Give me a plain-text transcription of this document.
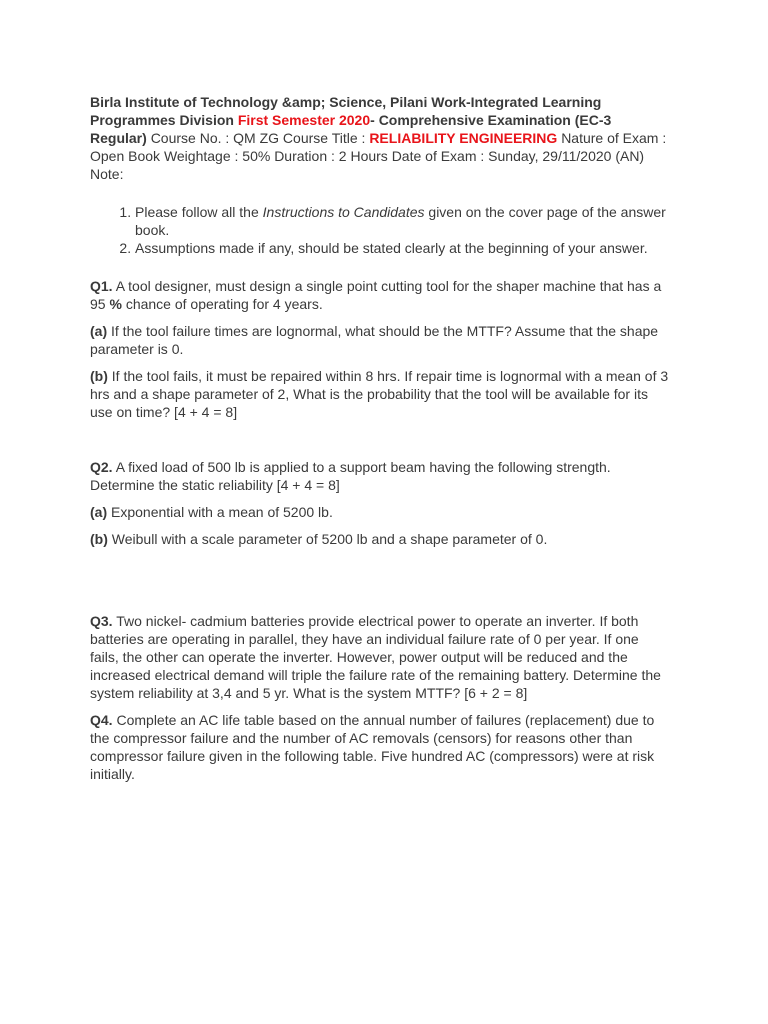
Birla Institute of Technology &amp; Science, Pilani Work-Integrated Learning Programmes Division First Semester 2020- Comprehensive Examination (EC-3 Regular) Course No. : QM ZG Course Title : RELIABILITY ENGINEERING Nature of Exam : Open Book Weightage : 50% Duration : 2 Hours Date of Exam : Sunday, 29/11/2020 (AN) Note:

1. Please follow all the Instructions to Candidates given on the cover page of the answer book.
2. Assumptions made if any, should be stated clearly at the beginning of your answer.

Q1. A tool designer, must design a single point cutting tool for the shaper machine that has a 95 % chance of operating for 4 years.

(a) If the tool failure times are lognormal, what should be the MTTF? Assume that the shape parameter is 0.

(b) If the tool fails, it must be repaired within 8 hrs. If repair time is lognormal with a mean of 3 hrs and a shape parameter of 2, What is the probability that the tool will be available for its use on time? [4 + 4 = 8]

Q2. A fixed load of 500 lb is applied to a support beam having the following strength. Determine the static reliability [4 + 4 = 8]

(a) Exponential with a mean of 5200 lb.

(b) Weibull with a scale parameter of 5200 lb and a shape parameter of 0.

Q3. Two nickel- cadmium batteries provide electrical power to operate an inverter. If both batteries are operating in parallel, they have an individual failure rate of 0 per year. If one fails, the other can operate the inverter. However, power output will be reduced and the increased electrical demand will triple the failure rate of the remaining battery. Determine the system reliability at 3,4 and 5 yr. What is the system MTTF? [6 + 2 = 8]

Q4. Complete an AC life table based on the annual number of failures (replacement) due to the compressor failure and the number of AC removals (censors) for reasons other than compressor failure given in the following table. Five hundred AC (compressors) were at risk initially.
